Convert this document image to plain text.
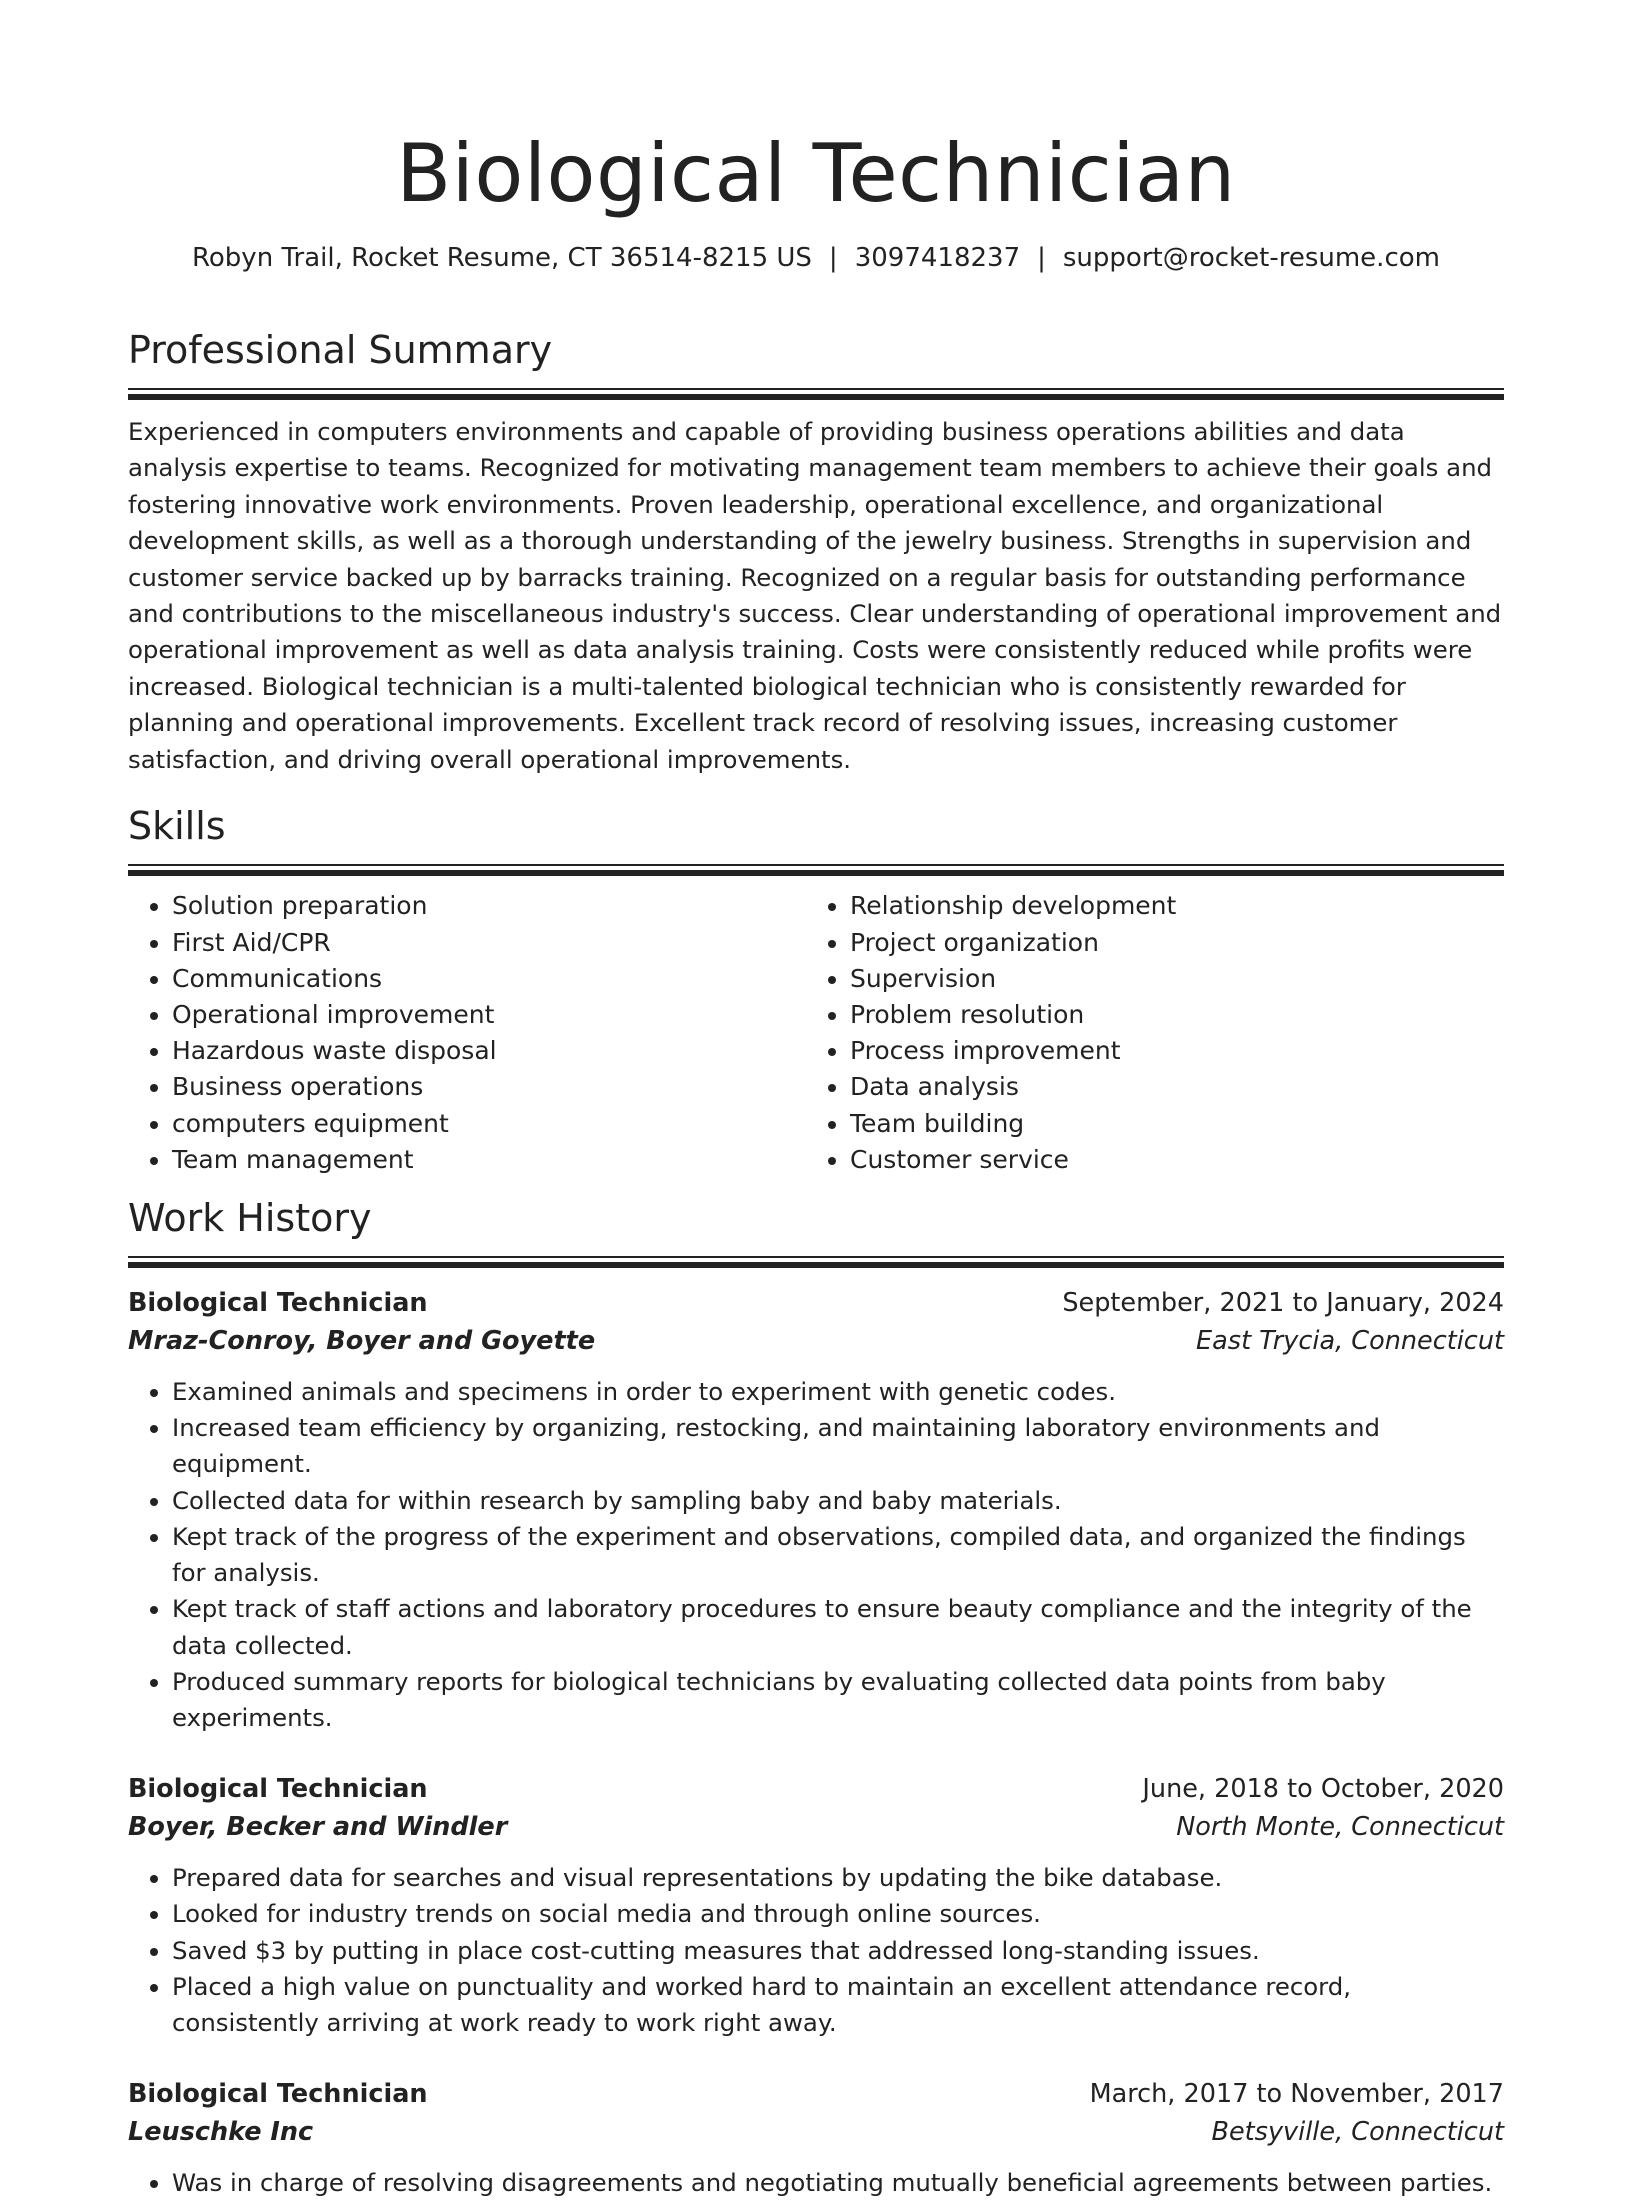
Biological Technician
Robyn Trail, Rocket Resume, CT 36514-8215 US | 3097418237 | support@rocket-resume.com
Professional Summary

Experienced in computers environments and capable of providing business operations abilities and data analysis expertise to teams. Recognized for motivating management team members to achieve their goals and fostering innovative work environments. Proven leadership, operational excellence, and organizational development skills, as well as a thorough understanding of the jewelry business. Strengths in supervision and customer service backed up by barracks training. Recognized on a regular basis for outstanding performance and contributions to the miscellaneous industry's success. Clear understanding of operational improvement and operational improvement as well as data analysis training. Costs were consistently reduced while profits were increased. Biological technician is a multi-talented biological technician who is consistently rewarded for planning and operational improvements. Excellent track record of resolving issues, increasing customer satisfaction, and driving overall operational improvements.

Skills
• Solution preparation
• First Aid/CPR
• Communications
• Operational improvement
• Hazardous waste disposal
• Business operations
• computers equipment
• Team management
• Relationship development
• Project organization
• Supervision
• Problem resolution
• Process improvement
• Data analysis
• Team building
• Customer service
Work History
Biological Technician	September, 2021 to January, 2024
Mraz-Conroy, Boyer and Goyette	East Trycia, Connecticut
• Examined animals and specimens in order to experiment with genetic codes.
• Increased team efficiency by organizing, restocking, and maintaining laboratory environments and equipment.
• Collected data for within research by sampling baby and baby materials.
• Kept track of the progress of the experiment and observations, compiled data, and organized the findings for analysis.
• Kept track of staff actions and laboratory procedures to ensure beauty compliance and the integrity of the data collected.
• Produced summary reports for biological technicians by evaluating collected data points from baby experiments.
Biological Technician	June, 2018 to October, 2020
Boyer, Becker and Windler	North Monte, Connecticut
• Prepared data for searches and visual representations by updating the bike database.
• Looked for industry trends on social media and through online sources.
• Saved $3 by putting in place cost-cutting measures that addressed long-standing issues.
• Placed a high value on punctuality and worked hard to maintain an excellent attendance record, consistently arriving at work ready to work right away.
Biological Technician	March, 2017 to November, 2017
Leuschke Inc	Betsyville, Connecticut
• Was in charge of resolving disagreements and negotiating mutually beneficial agreements between parties.
